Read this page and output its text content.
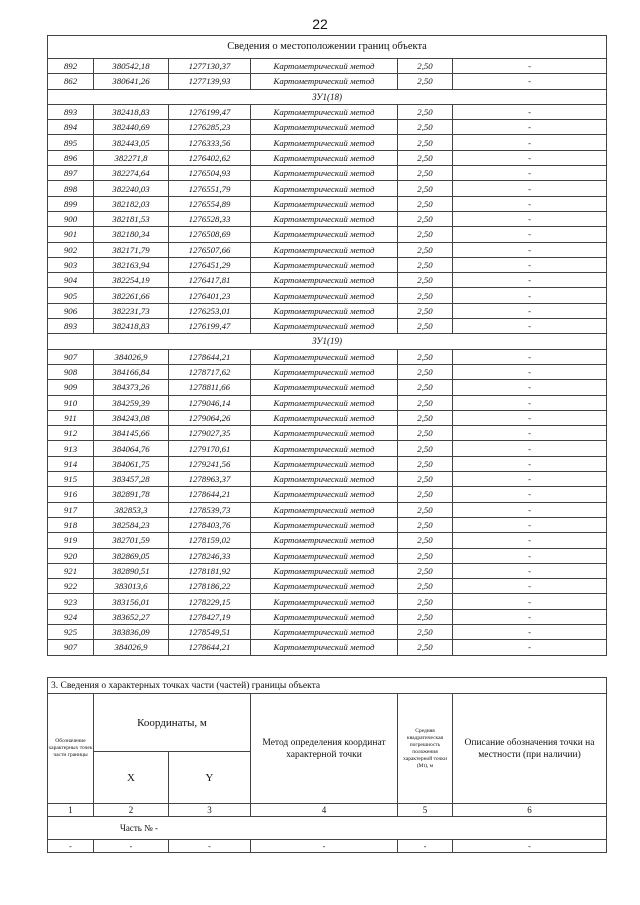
22
Сведения о местоположении границ объекта					
892	380542,18	1277130,37	Картометрический метод	2,50	-
862	380641,26	1277139,93	Картометрический метод	2,50	-
ЗУ1(18)					
893	382418,83	1276199,47	Картометрический метод	2,50	-
894	382440,69	1276285,23	Картометрический метод	2,50	-
895	382443,05	1276333,56	Картометрический метод	2,50	-
896	382271,8	1276402,62	Картометрический метод	2,50	-
897	382274,64	1276504,93	Картометрический метод	2,50	-
898	382240,03	1276551,79	Картометрический метод	2,50	-
899	382182,03	1276554,89	Картометрический метод	2,50	-
900	382181,53	1276528,33	Картометрический метод	2,50	-
901	382180,34	1276508,69	Картометрический метод	2,50	-
902	382171,79	1276507,66	Картометрический метод	2,50	-
903	382163,94	1276451,29	Картометрический метод	2,50	-
904	382254,19	1276417,81	Картометрический метод	2,50	-
905	382261,66	1276401,23	Картометрический метод	2,50	-
906	382231,73	1276253,01	Картометрический метод	2,50	-
893	382418,83	1276199,47	Картометрический метод	2,50	-
ЗУ1(19)					
907	384026,9	1278644,21	Картометрический метод	2,50	-
908	384166,84	1278717,62	Картометрический метод	2,50	-
909	384373,26	1278811,66	Картометрический метод	2,50	-
910	384259,39	1279046,14	Картометрический метод	2,50	-
911	384243,08	1279064,26	Картометрический метод	2,50	-
912	384145,66	1279027,35	Картометрический метод	2,50	-
913	384064,76	1279170,61	Картометрический метод	2,50	-
914	384061,75	1279241,56	Картометрический метод	2,50	-
915	383457,28	1278963,37	Картометрический метод	2,50	-
916	382891,78	1278644,21	Картометрический метод	2,50	-
917	382853,3	1278539,73	Картометрический метод	2,50	-
918	382584,23	1278403,76	Картометрический метод	2,50	-
919	382701,59	1278159,02	Картометрический метод	2,50	-
920	382869,05	1278246,33	Картометрический метод	2,50	-
921	382890,51	1278181,92	Картометрический метод	2,50	-
922	383013,6	1278186,22	Картометрический метод	2,50	-
923	383156,01	1278229,15	Картометрический метод	2,50	-
924	383652,27	1278427,19	Картометрический метод	2,50	-
925	383836,09	1278549,51	Картометрический метод	2,50	-
907	384026,9	1278644,21	Картометрический метод	2,50	-
3. Сведения о характерных точках части (частей) границы объекта					
Обозначение характерных точек части границы	Координаты, м		Метод определения координат характерной точки	Средняя квадратическая погрешность положения характерной точки (Mt), м	Описание обозначения точки на местности (при наличии)
	X	Y			
1	2	3	4	5	6
Часть № -					
-	-	-	-	-	-
